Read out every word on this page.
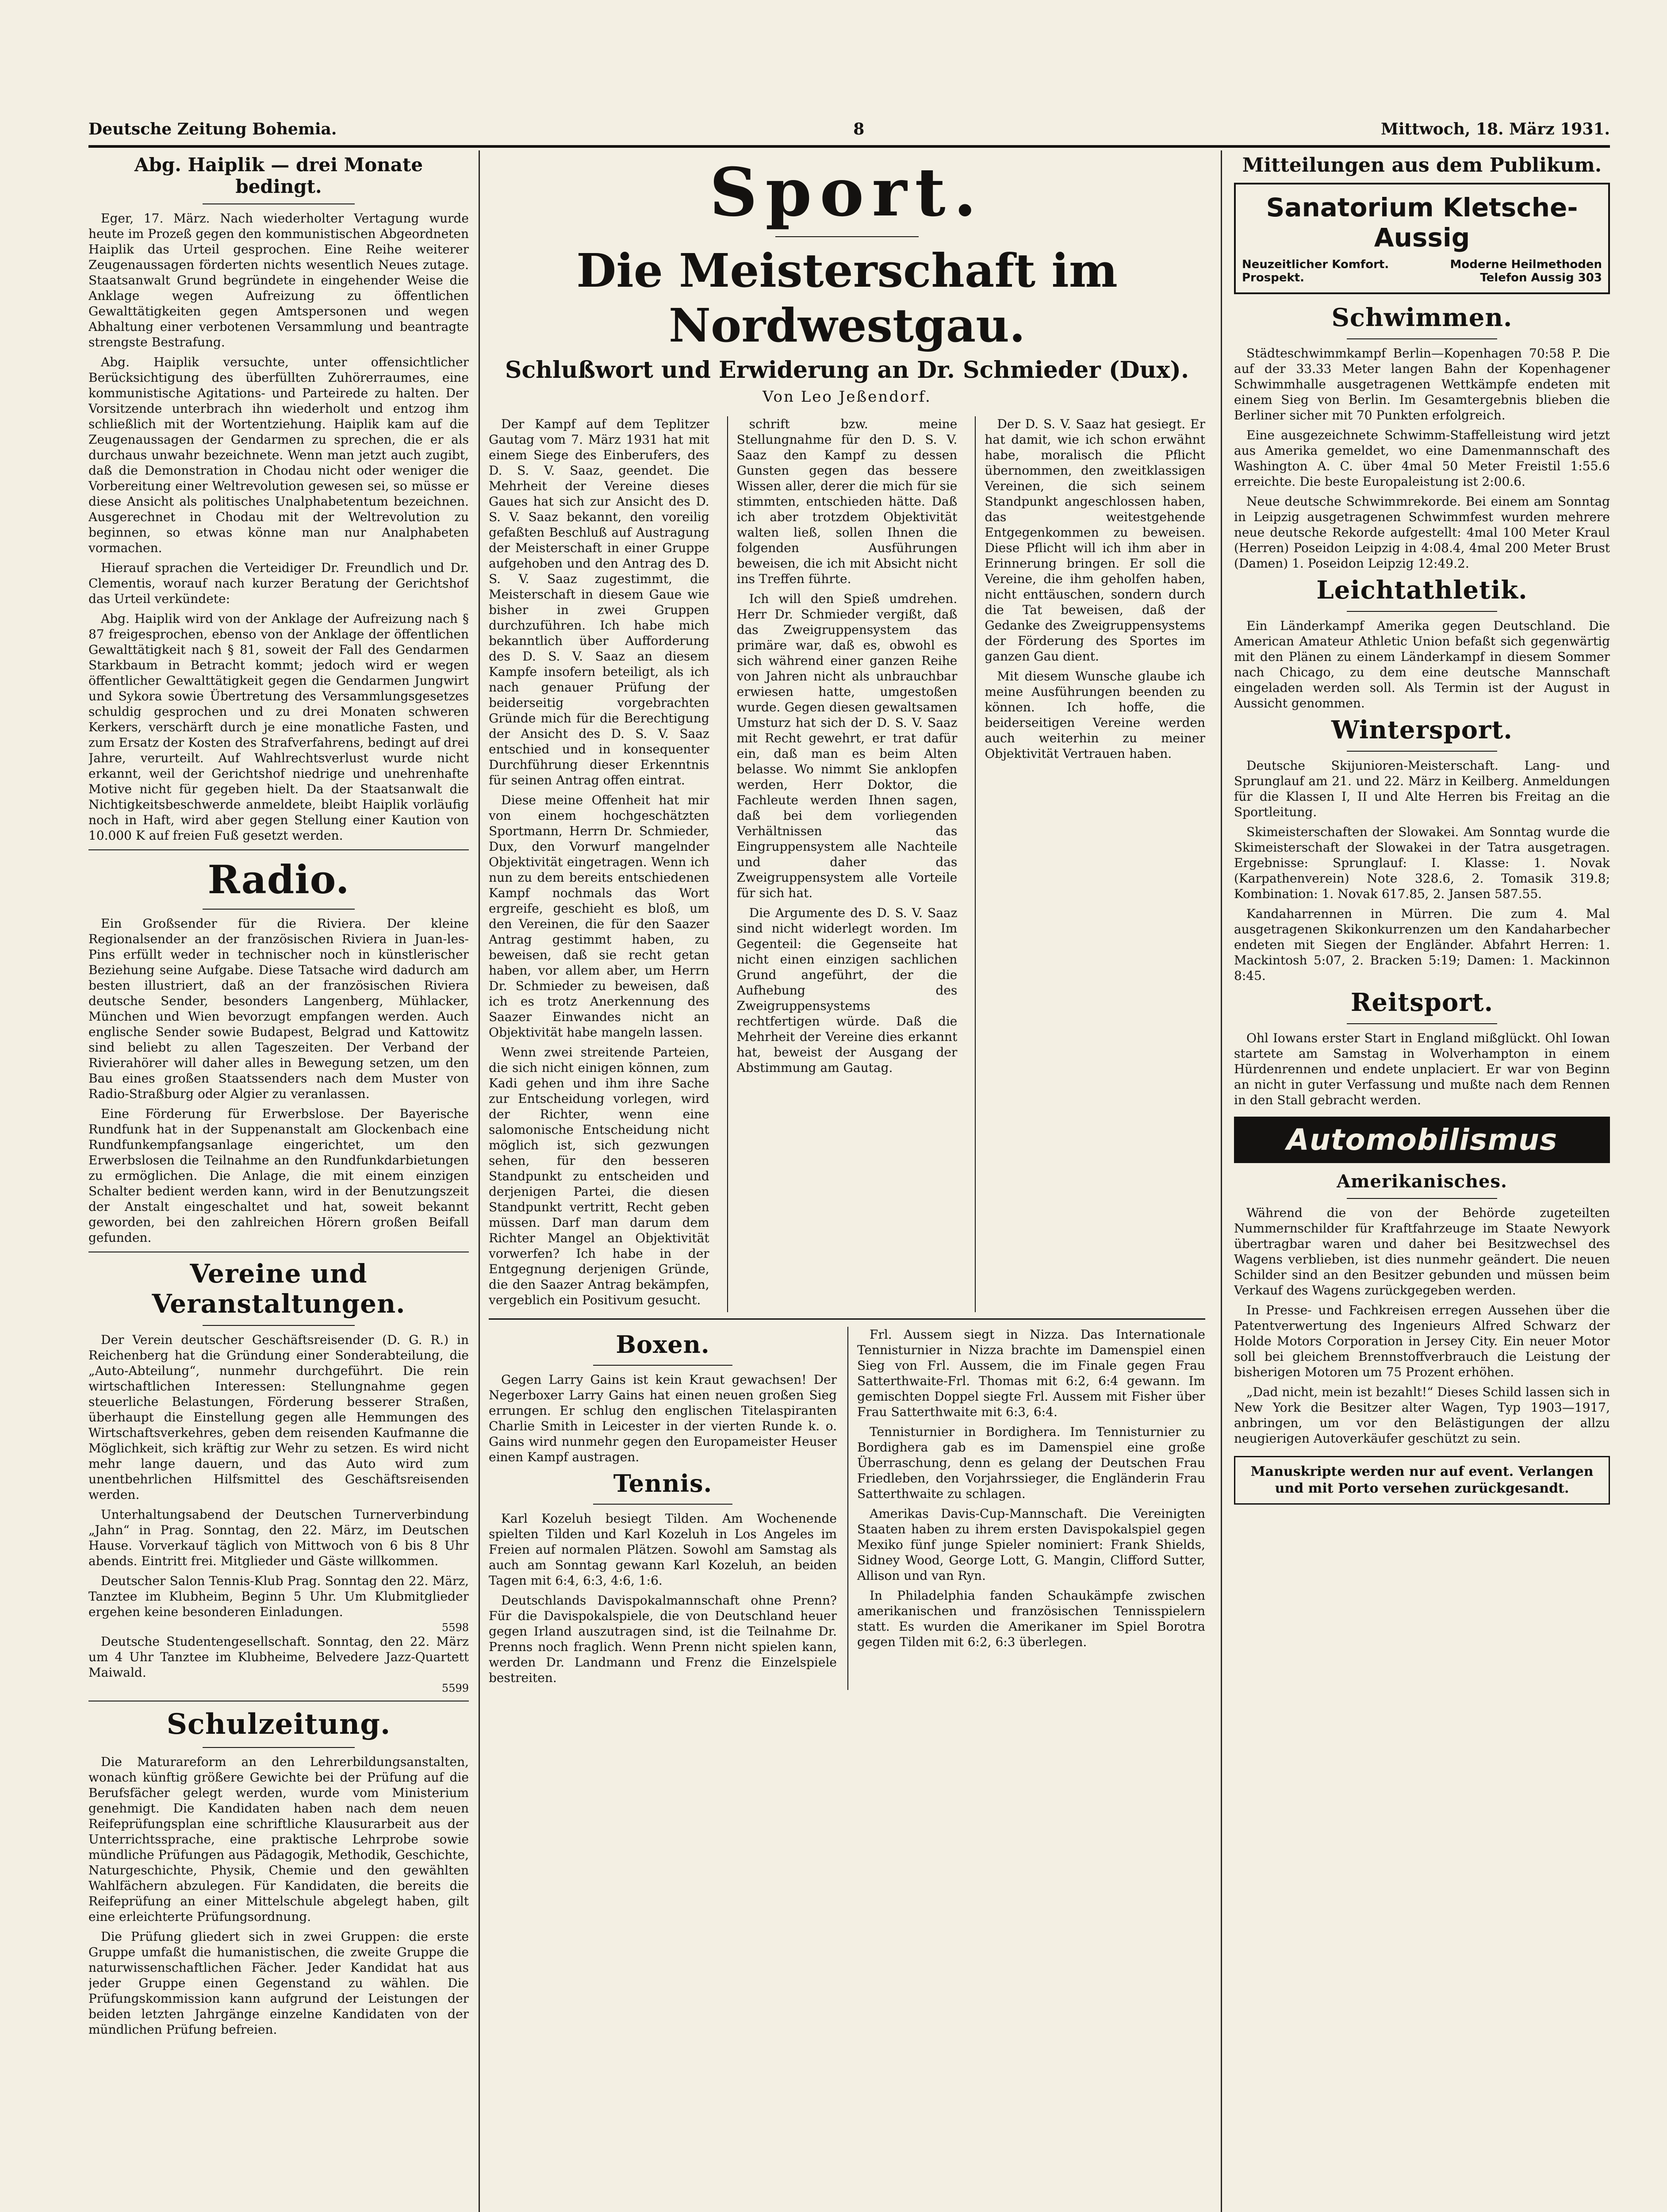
Deutsche Zeitung Bohemia.	8	Mittwoch, 18. März 1931.
Abg. Haiplik — drei Monate bedingt.

Eger, 17. März. Nach wiederholter Vertagung wurde heute im Prozeß gegen den kommunistischen Abgeordneten Haiplik das Urteil gesprochen. Eine Reihe weiterer Zeugenaussagen förderten nichts wesentlich Neues zutage. Staatsanwalt Grund begründete in eingehender Weise die Anklage wegen Aufreizung zu öffentlichen Gewalttätigkeiten gegen Amtspersonen und wegen Abhaltung einer verbotenen Versammlung und beantragte strengste Bestrafung.

Abg. Haiplik versuchte, unter offensichtlicher Berücksichtigung des überfüllten Zuhörerraumes, eine kommunistische Agitations- und Parteirede zu halten. Der Vorsitzende unterbrach ihn wiederholt und entzog ihm schließlich mit der Wortentziehung. Haiplik kam auf die Zeugenaussagen der Gendarmen zu sprechen, die er als durchaus unwahr bezeichnete. Wenn man jetzt auch zugibt, daß die Demonstration in Chodau nicht oder weniger die Vorbereitung einer Weltrevolution gewesen sei, so müsse er diese Ansicht als politisches Unalphabetentum bezeichnen. Ausgerechnet in Chodau mit der Weltrevolution zu beginnen, so etwas könne man nur Analphabeten vormachen.

Hierauf sprachen die Verteidiger Dr. Freundlich und Dr. Clementis, worauf nach kurzer Beratung der Gerichtshof das Urteil verkündete:

Abg. Haiplik wird von der Anklage der Aufreizung nach § 87 freigesprochen, ebenso von der Anklage der öffentlichen Gewalttätigkeit nach § 81, soweit der Fall des Gendarmen Starkbaum in Betracht kommt; jedoch wird er wegen öffentlicher Gewalttätigkeit gegen die Gendarmen Jungwirt und Sykora sowie Übertretung des Versammlungsgesetzes schuldig gesprochen und zu drei Monaten schweren Kerkers, verschärft durch je eine monatliche Fasten, und zum Ersatz der Kosten des Strafverfahrens, bedingt auf drei Jahre, verurteilt. Auf Wahlrechtsverlust wurde nicht erkannt, weil der Gerichtshof niedrige und unehrenhafte Motive nicht für gegeben hielt. Da der Staatsanwalt die Nichtigkeitsbeschwerde anmeldete, bleibt Haiplik vorläufig noch in Haft, wird aber gegen Stellung einer Kaution von 10.000 K auf freien Fuß gesetzt werden.

Radio.

Ein Großsender für die Riviera. Der kleine Regionalsender an der französischen Riviera in Juan-les-Pins erfüllt weder in technischer noch in künstlerischer Beziehung seine Aufgabe. Diese Tatsache wird dadurch am besten illustriert, daß an der französischen Riviera deutsche Sender, besonders Langenberg, Mühlacker, München und Wien bevorzugt empfangen werden. Auch englische Sender sowie Budapest, Belgrad und Kattowitz sind beliebt zu allen Tageszeiten. Der Verband der Rivierahörer will daher alles in Bewegung setzen, um den Bau eines großen Staatssenders nach dem Muster von Radio-Straßburg oder Algier zu veranlassen.

Eine Förderung für Erwerbslose. Der Bayerische Rundfunk hat in der Suppenanstalt am Glockenbach eine Rundfunkempfangsanlage eingerichtet, um den Erwerbslosen die Teilnahme an den Rundfunkdarbietungen zu ermöglichen. Die Anlage, die mit einem einzigen Schalter bedient werden kann, wird in der Benutzungszeit der Anstalt eingeschaltet und hat, soweit bekannt geworden, bei den zahlreichen Hörern großen Beifall gefunden.

Vereine und Veranstaltungen.

Der Verein deutscher Geschäftsreisender (D. G. R.) in Reichenberg hat die Gründung einer Sonderabteilung, die „Auto-Abteilung“, nunmehr durchgeführt. Die rein wirtschaftlichen Interessen: Stellungnahme gegen steuerliche Belastungen, Förderung besserer Straßen, überhaupt die Einstellung gegen alle Hemmungen des Wirtschaftsverkehres, geben dem reisenden Kaufmanne die Möglichkeit, sich kräftig zur Wehr zu setzen. Es wird nicht mehr lange dauern, und das Auto wird zum unentbehrlichen Hilfsmittel des Geschäftsreisenden werden.

Unterhaltungsabend der Deutschen Turnerverbindung „Jahn“ in Prag. Sonntag, den 22. März, im Deutschen Hause. Vorverkauf täglich von Mittwoch von 6 bis 8 Uhr abends. Eintritt frei. Mitglieder und Gäste willkommen.

Deutscher Salon Tennis-Klub Prag. Sonntag den 22. März, Tanztee im Klubheim, Beginn 5 Uhr. Um Klubmitglieder ergehen keine besonderen Einladungen.

5598

Deutsche Studentengesellschaft. Sonntag, den 22. März um 4 Uhr Tanztee im Klubheime, Belvedere Jazz-Quartett Maiwald.

5599
Schulzeitung.

Die Maturareform an den Lehrerbildungsanstalten, wonach künftig größere Gewichte bei der Prüfung auf die Berufsfächer gelegt werden, wurde vom Ministerium genehmigt. Die Kandidaten haben nach dem neuen Reifeprüfungsplan eine schriftliche Klausurarbeit aus der Unterrichtssprache, eine praktische Lehrprobe sowie mündliche Prüfungen aus Pädagogik, Methodik, Geschichte, Naturgeschichte, Physik, Chemie und den gewählten Wahlfächern abzulegen. Für Kandidaten, die bereits die Reifeprüfung an einer Mittelschule abgelegt haben, gilt eine erleichterte Prüfungsordnung.

Die Prüfung gliedert sich in zwei Gruppen: die erste Gruppe umfaßt die humanistischen, die zweite Gruppe die naturwissenschaftlichen Fächer. Jeder Kandidat hat aus jeder Gruppe einen Gegenstand zu wählen. Die Prüfungskommission kann aufgrund der Leistungen der beiden letzten Jahrgänge einzelne Kandidaten von der mündlichen Prüfung befreien.

Sport.
Die Meisterschaft im Nordwestgau.
Schlußwort und Erwiderung an Dr. Schmieder (Dux).
Von Leo Jeßendorf.

Der Kampf auf dem Teplitzer Gautag vom 7. März 1931 hat mit einem Siege des Einberufers, des D. S. V. Saaz, geendet. Die Mehrheit der Vereine dieses Gaues hat sich zur Ansicht des D. S. V. Saaz bekannt, den voreilig gefaßten Beschluß auf Austragung der Meisterschaft in einer Gruppe aufgehoben und den Antrag des D. S. V. Saaz zugestimmt, die Meisterschaft in diesem Gaue wie bisher in zwei Gruppen durchzuführen. Ich habe mich bekanntlich über Aufforderung des D. S. V. Saaz an diesem Kampfe insofern beteiligt, als ich nach genauer Prüfung der beiderseitig vorgebrachten Gründe mich für die Berechtigung der Ansicht des D. S. V. Saaz entschied und in konsequenter Durchführung dieser Erkenntnis für seinen Antrag offen eintrat.

Diese meine Offenheit hat mir von einem hochgeschätzten Sportmann, Herrn Dr. Schmieder, Dux, den Vorwurf mangelnder Objektivität eingetragen. Wenn ich nun zu dem bereits entschiedenen Kampf nochmals das Wort ergreife, geschieht es bloß, um den Vereinen, die für den Saazer Antrag gestimmt haben, zu beweisen, daß sie recht getan haben, vor allem aber, um Herrn Dr. Schmieder zu beweisen, daß ich es trotz Anerkennung des Saazer Einwandes nicht an Objektivität habe mangeln lassen.

Wenn zwei streitende Parteien, die sich nicht einigen können, zum Kadi gehen und ihm ihre Sache zur Entscheidung vorlegen, wird der Richter, wenn eine salomonische Entscheidung nicht möglich ist, sich gezwungen sehen, für den besseren Standpunkt zu entscheiden und derjenigen Partei, die diesen Standpunkt vertritt, Recht geben müssen. Darf man darum dem Richter Mangel an Objektivität vorwerfen? Ich habe in der Entgegnung derjenigen Gründe, die den Saazer Antrag bekämpfen, vergeblich ein Positivum gesucht.

schrift bzw. meine Stellungnahme für den D. S. V. Saaz den Kampf zu dessen Gunsten gegen das bessere Wissen aller, derer die mich für sie stimmten, entschieden hätte. Daß ich aber trotzdem Objektivität walten ließ, sollen Ihnen die folgenden Ausführungen beweisen, die ich mit Absicht nicht ins Treffen führte.

Ich will den Spieß umdrehen. Herr Dr. Schmieder vergißt, daß das Zweigruppensystem das primäre war, daß es, obwohl es sich während einer ganzen Reihe von Jahren nicht als unbrauchbar erwiesen hatte, umgestoßen wurde. Gegen diesen gewaltsamen Umsturz hat sich der D. S. V. Saaz mit Recht gewehrt, er trat dafür ein, daß man es beim Alten belasse. Wo nimmt Sie anklopfen werden, Herr Doktor, die Fachleute werden Ihnen sagen, daß bei dem vorliegenden Verhältnissen das Eingruppensystem alle Nachteile und daher das Zweigruppensystem alle Vorteile für sich hat.

Die Argumente des D. S. V. Saaz sind nicht widerlegt worden. Im Gegenteil: die Gegenseite hat nicht einen einzigen sachlichen Grund angeführt, der die Aufhebung des Zweigruppensystems rechtfertigen würde. Daß die Mehrheit der Vereine dies erkannt hat, beweist der Ausgang der Abstimmung am Gautag.

Der D. S. V. Saaz hat gesiegt. Er hat damit, wie ich schon erwähnt habe, moralisch die Pflicht übernommen, den zweitklassigen Vereinen, die sich seinem Standpunkt angeschlossen haben, das weitestgehende Entgegenkommen zu beweisen. Diese Pflicht will ich ihm aber in Erinnerung bringen. Er soll die Vereine, die ihm geholfen haben, nicht enttäuschen, sondern durch die Tat beweisen, daß der Gedanke des Zweigruppensystems der Förderung des Sportes im ganzen Gau dient.

Mit diesem Wunsche glaube ich meine Ausführungen beenden zu können. Ich hoffe, die beiderseitigen Vereine werden auch weiterhin zu meiner Objektivität Vertrauen haben.

Boxen.

Gegen Larry Gains ist kein Kraut gewachsen! Der Negerboxer Larry Gains hat einen neuen großen Sieg errungen. Er schlug den englischen Titelaspiranten Charlie Smith in Leicester in der vierten Runde k. o. Gains wird nunmehr gegen den Europameister Heuser einen Kampf austragen.

Tennis.

Karl Kozeluh besiegt Tilden. Am Wochenende spielten Tilden und Karl Kozeluh in Los Angeles im Freien auf normalen Plätzen. Sowohl am Samstag als auch am Sonntag gewann Karl Kozeluh, an beiden Tagen mit 6:4, 6:3, 4:6, 1:6.

Deutschlands Davispokalmannschaft ohne Prenn? Für die Davispokalspiele, die von Deutschland heuer gegen Irland auszutragen sind, ist die Teilnahme Dr. Prenns noch fraglich. Wenn Prenn nicht spielen kann, werden Dr. Landmann und Frenz die Einzelspiele bestreiten.

Frl. Aussem siegt in Nizza. Das Internationale Tennisturnier in Nizza brachte im Damenspiel einen Sieg von Frl. Aussem, die im Finale gegen Frau Satterthwaite-Frl. Thomas mit 6:2, 6:4 gewann. Im gemischten Doppel siegte Frl. Aussem mit Fisher über Frau Satterthwaite mit 6:3, 6:4.

Tennisturnier in Bordighera. Im Tennisturnier zu Bordighera gab es im Damenspiel eine große Überraschung, denn es gelang der Deutschen Frau Friedleben, den Vorjahrssieger, die Engländerin Frau Satterthwaite zu schlagen.

Amerikas Davis-Cup-Mannschaft. Die Vereinigten Staaten haben zu ihrem ersten Davispokalspiel gegen Mexiko fünf junge Spieler nominiert: Frank Shields, Sidney Wood, George Lott, G. Mangin, Clifford Sutter, Allison und van Ryn.

In Philadelphia fanden Schaukämpfe zwischen amerikanischen und französischen Tennisspielern statt. Es wurden die Amerikaner im Spiel Borotra gegen Tilden mit 6:2, 6:3 überlegen.

Mitteilungen aus dem Publikum.
Sanatorium Kletsche-Aussig
Neuzeitlicher Komfort.	Moderne Heilmethoden
Prospekt.	Telefon Aussig 303
Schwimmen.

Städteschwimmkampf Berlin—Kopenhagen 70:58 P. Die auf der 33.33 Meter langen Bahn der Kopenhagener Schwimmhalle ausgetragenen Wettkämpfe endeten mit einem Sieg von Berlin. Im Gesamtergebnis blieben die Berliner sicher mit 70 Punkten erfolgreich.

Eine ausgezeichnete Schwimm-Staffelleistung wird jetzt aus Amerika gemeldet, wo eine Damenmannschaft des Washington A. C. über 4mal 50 Meter Freistil 1:55.6 erreichte. Die beste Europaleistung ist 2:00.6.

Neue deutsche Schwimmrekorde. Bei einem am Sonntag in Leipzig ausgetragenen Schwimmfest wurden mehrere neue deutsche Rekorde aufgestellt: 4mal 100 Meter Kraul (Herren) Poseidon Leipzig in 4:08.4, 4mal 200 Meter Brust (Damen) 1. Poseidon Leipzig 12:49.2.

Leichtathletik.

Ein Länderkampf Amerika gegen Deutschland. Die American Amateur Athletic Union befaßt sich gegenwärtig mit den Plänen zu einem Länderkampf in diesem Sommer nach Chicago, zu dem eine deutsche Mannschaft eingeladen werden soll. Als Termin ist der August in Aussicht genommen.

Wintersport.

Deutsche Skijunioren-Meisterschaft. Lang- und Sprunglauf am 21. und 22. März in Keilberg. Anmeldungen für die Klassen I, II und Alte Herren bis Freitag an die Sportleitung.

Skimeisterschaften der Slowakei. Am Sonntag wurde die Skimeisterschaft der Slowakei in der Tatra ausgetragen. Ergebnisse: Sprunglauf: I. Klasse: 1. Novak (Karpathenverein) Note 328.6, 2. Tomasik 319.8; Kombination: 1. Novak 617.85, 2. Jansen 587.55.

Kandaharrennen in Mürren. Die zum 4. Mal ausgetragenen Skikonkurrenzen um den Kandaharbecher endeten mit Siegen der Engländer. Abfahrt Herren: 1. Mackintosh 5:07, 2. Bracken 5:19; Damen: 1. Mackinnon 8:45.

Reitsport.

Ohl Iowans erster Start in England mißglückt. Ohl Iowan startete am Samstag in Wolverhampton in einem Hürdenrennen und endete unplaciert. Er war von Beginn an nicht in guter Verfassung und mußte nach dem Rennen in den Stall gebracht werden.

Automobilismus
Amerikanisches.

Während die von der Behörde zugeteilten Nummernschilder für Kraftfahrzeuge im Staate Newyork übertragbar waren und daher bei Besitzwechsel des Wagens verblieben, ist dies nunmehr geändert. Die neuen Schilder sind an den Besitzer gebunden und müssen beim Verkauf des Wagens zurückgegeben werden.

In Presse- und Fachkreisen erregen Aussehen über die Patentverwertung des Ingenieurs Alfred Schwarz der Holde Motors Corporation in Jersey City. Ein neuer Motor soll bei gleichem Brennstoffverbrauch die Leistung der bisherigen Motoren um 75 Prozent erhöhen.

„Dad nicht, mein ist bezahlt!“ Dieses Schild lassen sich in New York die Besitzer alter Wagen, Typ 1903—1917, anbringen, um vor den Belästigungen der allzu neugierigen Autoverkäufer geschützt zu sein.

Manuskripte werden nur auf event. Verlangen und mit Porto versehen zurückgesandt.
